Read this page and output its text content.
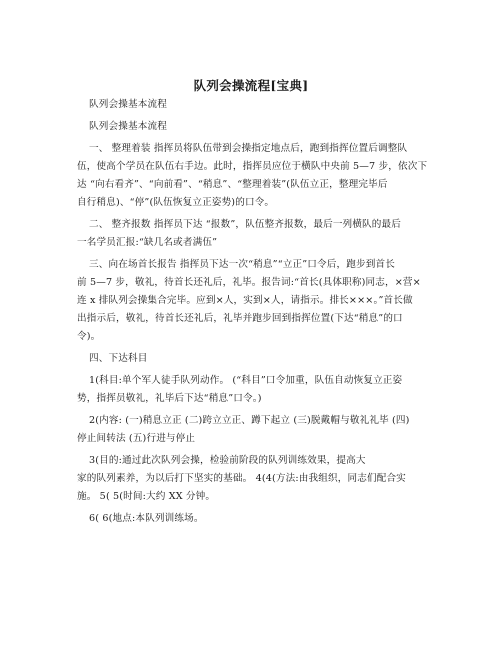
队列会操流程[宝典]
队列会操基本流程
队列会操基本流程
一、 整理着装 指挥员将队伍带到会操指定地点后，跑到指挥位置后调整队
伍，使高个学员在队伍右手边。此时，指挥员应位于横队中央前 5—7 步，依次下
达 “向右看齐”、“向前看”、“稍息”、“整理着装”(队伍立正，整理完毕后
自行稍息)、“停”(队伍恢复立正姿势)的口令。
二、 整齐报数 指挥员下达 “报数”，队伍整齐报数，最后一列横队的最后
一名学员汇报:“缺几名或者满伍”
三、向在场首长报告 指挥员下达一次“稍息”“立正”口令后，跑步到首长
前 5—7 步，敬礼，待首长还礼后，礼毕。报告词:“首长(具体职称)同志，×营×
连 x 排队列会操集合完毕。应到×人，实到×人，请指示。排长×××。”首长做
出指示后，敬礼，待首长还礼后，礼毕并跑步回到指挥位置(下达“稍息”的口
令)。
四、下达科目
1(科目:单个军人徒手队列动作。 (“科目”口令加重，队伍自动恢复立正姿
势，指挥员敬礼，礼毕后下达“稍息”口令。)
2(内容: (一)稍息立正 (二)跨立立正、蹲下起立 (三)脱戴帽与敬礼礼毕 (四)
停止间转法 (五)行进与停止
3(目的:通过此次队列会操，检验前阶段的队列训练效果，提高大
家的队列素养，为以后打下坚实的基础。 4(4(方法:由我组织，同志们配合实
施。 5( 5(时间:大约 XX 分钟。
6( 6(地点:本队列训练场。
